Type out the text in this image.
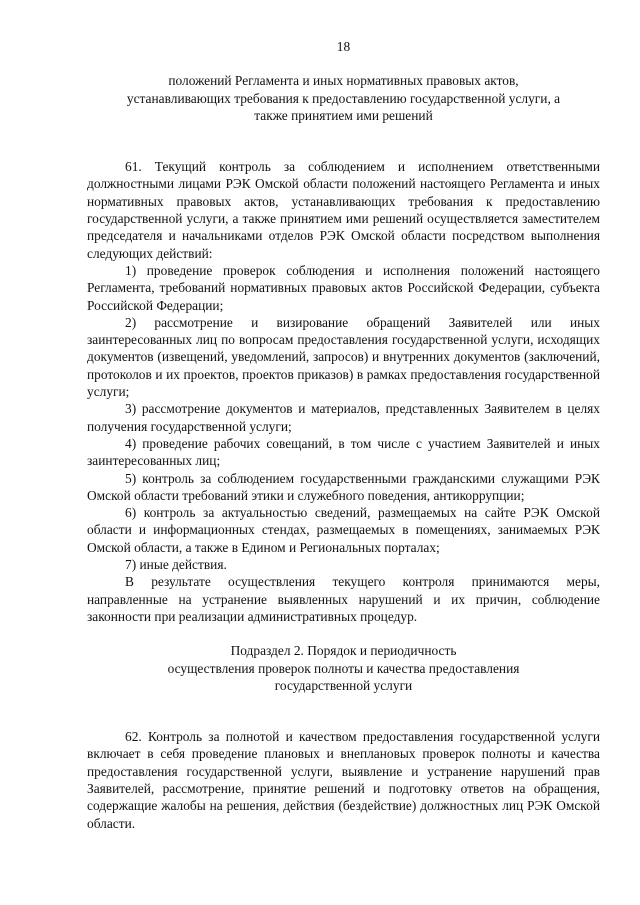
18
положений Регламента и иных нормативных правовых актов,
устанавливающих требования к предоставлению государственной услуги, а
также принятием ими решений

61. Текущий контроль за соблюдением и исполнением ответственными должностными лицами РЭК Омской области положений настоящего Регламента и иных нормативных правовых актов, устанавливающих требования к предоставлению государственной услуги, а также принятием ими решений осуществляется заместителем председателя и начальниками отделов РЭК Омской области посредством выполнения следующих действий:

1) проведение проверок соблюдения и исполнения положений настоящего Регламента, требований нормативных правовых актов Российской Федерации, субъекта Российской Федерации;

2) рассмотрение и визирование обращений Заявителей или иных заинтересованных лиц по вопросам предоставления государственной услуги, исходящих документов (извещений, уведомлений, запросов) и внутренних документов (заключений, протоколов и их проектов, проектов приказов) в рамках предоставления государственной услуги;

3) рассмотрение документов и материалов, представленных Заявителем в целях получения государственной услуги;

4) проведение рабочих совещаний, в том числе с участием Заявителей и иных заинтересованных лиц;

5) контроль за соблюдением государственными гражданскими служащими РЭК Омской области требований этики и служебного поведения, антикоррупции;

6) контроль за актуальностью сведений, размещаемых на сайте РЭК Омской области и информационных стендах, размещаемых в помещениях, занимаемых РЭК Омской области, а также в Едином и Региональных порталах;

7) иные действия.

В результате осуществления текущего контроля принимаются меры, направленные на устранение выявленных нарушений и их причин, соблюдение законности при реализации административных процедур.

Подраздел 2. Порядок и периодичность
осуществления проверок полноты и качества предоставления
государственной услуги

62. Контроль за полнотой и качеством предоставления государственной услуги включает в себя проведение плановых и внеплановых проверок полноты и качества предоставления государственной услуги, выявление и устранение нарушений прав Заявителей, рассмотрение, принятие решений и подготовку ответов на обращения, содержащие жалобы на решения, действия (бездействие) должностных лиц РЭК Омской области.
